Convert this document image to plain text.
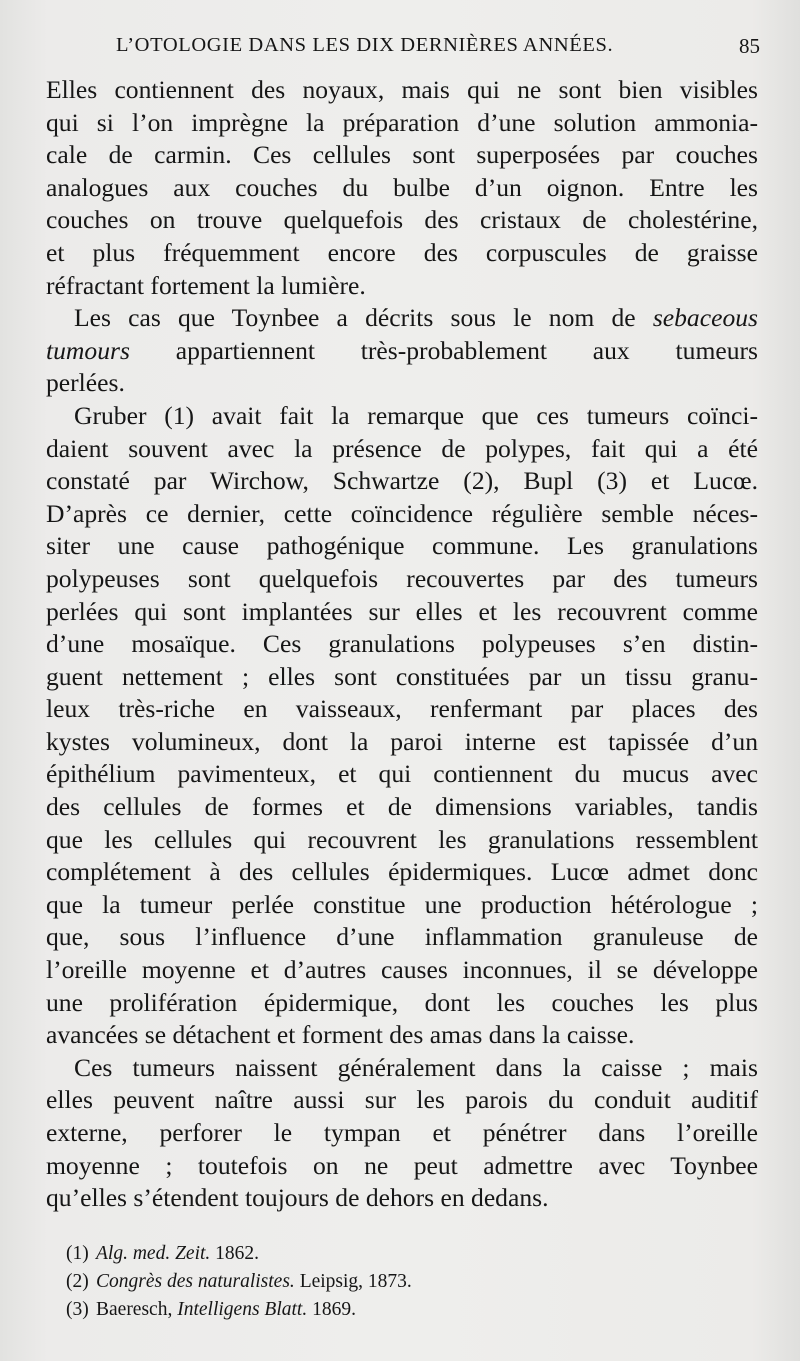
L’OTOLOGIE DANS LES DIX DERNIÈRES ANNÉES.	85
Elles contiennent des noyaux, mais qui ne sont bien visibles
qui si l’on imprègne la préparation d’une solution ammonia-
cale de carmin. Ces cellules sont superposées par couches
analogues aux couches du bulbe d’un oignon. Entre les
couches on trouve quelquefois des cristaux de cholestérine,
et plus fréquemment encore des corpuscules de graisse
réfractant fortement la lumière.
Les cas que Toynbee a décrits sous le nom de sebaceous
tumours appartiennent très-probablement aux tumeurs
perlées.
Gruber (1) avait fait la remarque que ces tumeurs coïnci-
daient souvent avec la présence de polypes, fait qui a été
constaté par Wirchow, Schwartze (2), Bupl (3) et Lucœ.
D’après ce dernier, cette coïncidence régulière semble néces-
siter une cause pathogénique commune. Les granulations
polypeuses sont quelquefois recouvertes par des tumeurs
perlées qui sont implantées sur elles et les recouvrent comme
d’une mosaïque. Ces granulations polypeuses s’en distin-
guent nettement ; elles sont constituées par un tissu granu-
leux très-riche en vaisseaux, renfermant par places des
kystes volumineux, dont la paroi interne est tapissée d’un
épithélium pavimenteux, et qui contiennent du mucus avec
des cellules de formes et de dimensions variables, tandis
que les cellules qui recouvrent les granulations ressemblent
complétement à des cellules épidermiques. Lucœ admet donc
que la tumeur perlée constitue une production hétérologue ;
que, sous l’influence d’une inflammation granuleuse de
l’oreille moyenne et d’autres causes inconnues, il se développe
une prolifération épidermique, dont les couches les plus
avancées se détachent et forment des amas dans la caisse.
Ces tumeurs naissent généralement dans la caisse ; mais
elles peuvent naître aussi sur les parois du conduit auditif
externe, perforer le tympan et pénétrer dans l’oreille
moyenne ; toutefois on ne peut admettre avec Toynbee
qu’elles s’étendent toujours de dehors en dedans.
(1) Alg. med. Zeit. 1862.
(2) Congrès des naturalistes. Leipsig, 1873.
(3) Baeresch, Intelligens Blatt. 1869.
